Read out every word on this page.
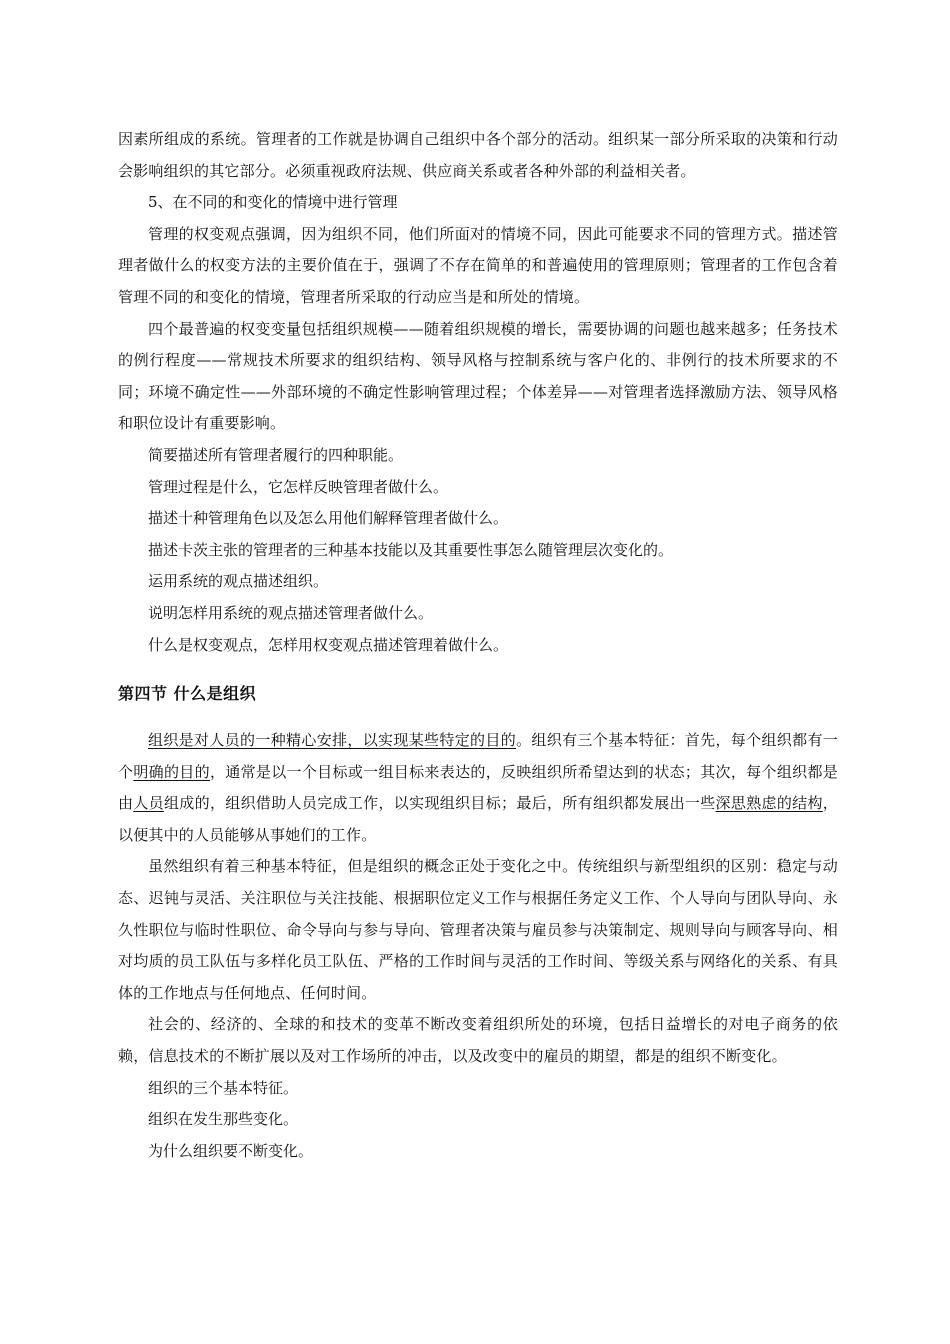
因素所组成的系统。管理者的工作就是协调自己组织中各个部分的活动。组织某一部分所采取的决策和行动会影响组织的其它部分。必须重视政府法规、供应商关系或者各种外部的利益相关者。

5、在不同的和变化的情境中进行管理

管理的权变观点强调，因为组织不同，他们所面对的情境不同，因此可能要求不同的管理方式。描述管理者做什么的权变方法的主要价值在于，强调了不存在简单的和普遍使用的管理原则；管理者的工作包含着管理不同的和变化的情境，管理者所采取的行动应当是和所处的情境。

四个最普遍的权变变量包括组织规模——随着组织规模的增长，需要协调的问题也越来越多；任务技术的例行程度——常规技术所要求的组织结构、领导风格与控制系统与客户化的、非例行的技术所要求的不同；环境不确定性——外部环境的不确定性影响管理过程；个体差异——对管理者选择激励方法、领导风格和职位设计有重要影响。

简要描述所有管理者履行的四种职能。

管理过程是什么，它怎样反映管理者做什么。

描述十种管理角色以及怎么用他们解释管理者做什么。

描述卡茨主张的管理者的三种基本技能以及其重要性事怎么随管理层次变化的。

运用系统的观点描述组织。

说明怎样用系统的观点描述管理者做什么。

什么是权变观点，怎样用权变观点描述管理着做什么。

第四节 什么是组织

组织是对人员的一种精心安排，以实现某些特定的目的。组织有三个基本特征：首先，每个组织都有一个明确的目的，通常是以一个目标或一组目标来表达的，反映组织所希望达到的状态；其次，每个组织都是由人员组成的，组织借助人员完成工作，以实现组织目标；最后，所有组织都发展出一些深思熟虑的结构，以便其中的人员能够从事她们的工作。

虽然组织有着三种基本特征，但是组织的概念正处于变化之中。传统组织与新型组织的区别：稳定与动态、迟钝与灵活、关注职位与关注技能、根据职位定义工作与根据任务定义工作、个人导向与团队导向、永久性职位与临时性职位、命令导向与参与导向、管理者决策与雇员参与决策制定、规则导向与顾客导向、相对均质的员工队伍与多样化员工队伍、严格的工作时间与灵活的工作时间、等级关系与网络化的关系、有具体的工作地点与任何地点、任何时间。

社会的、经济的、全球的和技术的变革不断改变着组织所处的环境，包括日益增长的对电子商务的依赖，信息技术的不断扩展以及对工作场所的冲击，以及改变中的雇员的期望，都是的组织不断变化。

组织的三个基本特征。

组织在发生那些变化。

为什么组织要不断变化。
